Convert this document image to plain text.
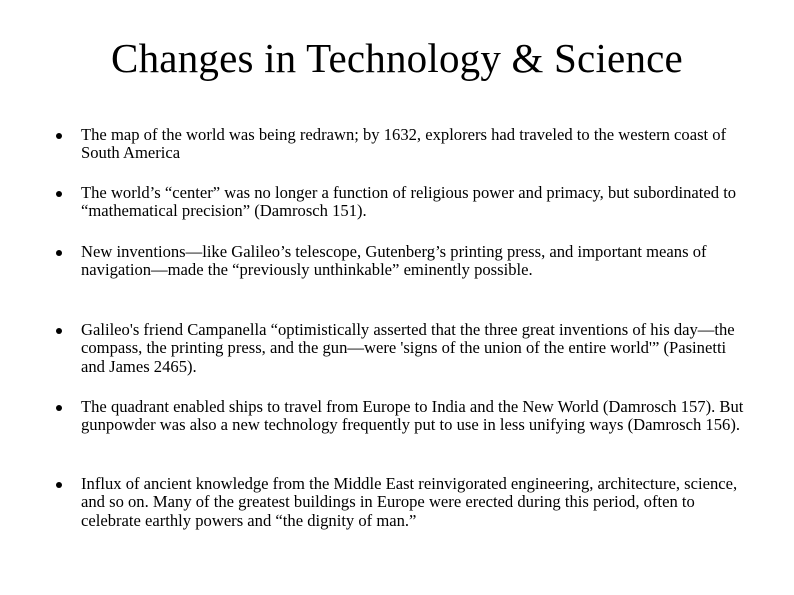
Changes in Technology & Science
The map of the world was being redrawn; by 1632, explorers had traveled to the western coast of South America
The world’s “center” was no longer a function of religious power and primacy, but subordinated to “mathematical precision” (Damrosch 151).
New inventions—like Galileo’s telescope, Gutenberg’s printing press, and important means of navigation—made the “previously unthinkable” eminently possible.
Galileo's friend Campanella “optimistically asserted that the three great inventions of his day—the compass, the printing press, and the gun—were 'signs of the union of the entire world'” (Pasinetti and James 2465).
The quadrant enabled ships to travel from Europe to India and the New World (Damrosch 157). But gunpowder was also a new technology frequently put to use in less unifying ways (Damrosch 156).
Influx of ancient knowledge from the Middle East reinvigorated engineering, architecture, science, and so on. Many of the greatest buildings in Europe were erected during this period, often to celebrate earthly powers and “the dignity of man.”
